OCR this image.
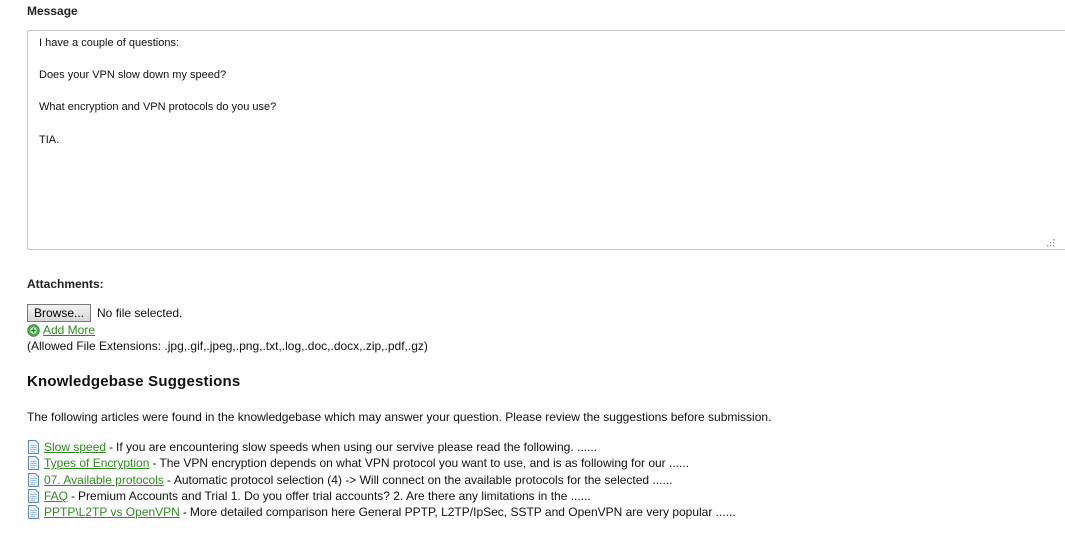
Message
I have a couple of questions:
Does your VPN slow down my speed?
What encryption and VPN protocols do you use?
TIA.
Attachments:
Browse...	No file selected.
Add More
(Allowed File Extensions: .jpg,.gif,.jpeg,.png,.txt,.log,.doc,.docx,.zip,.pdf,.gz)
Knowledgebase Suggestions
The following articles were found in the knowledgebase which may answer your question. Please review the suggestions before submission.
Slow speed - If you are encountering slow speeds when using our servive please read the following. ......
Types of Encryption - The VPN encryption depends on what VPN protocol you want to use, and is as following for our ......
07. Available protocols - Automatic protocol selection (4) -> Will connect on the available protocols for the selected ......
FAQ - Premium Accounts and Trial 1. Do you offer trial accounts? 2. Are there any limitations in the ......
PPTP\L2TP vs OpenVPN - More detailed comparison here General PPTP, L2TP/IpSec, SSTP and OpenVPN are very popular ......
